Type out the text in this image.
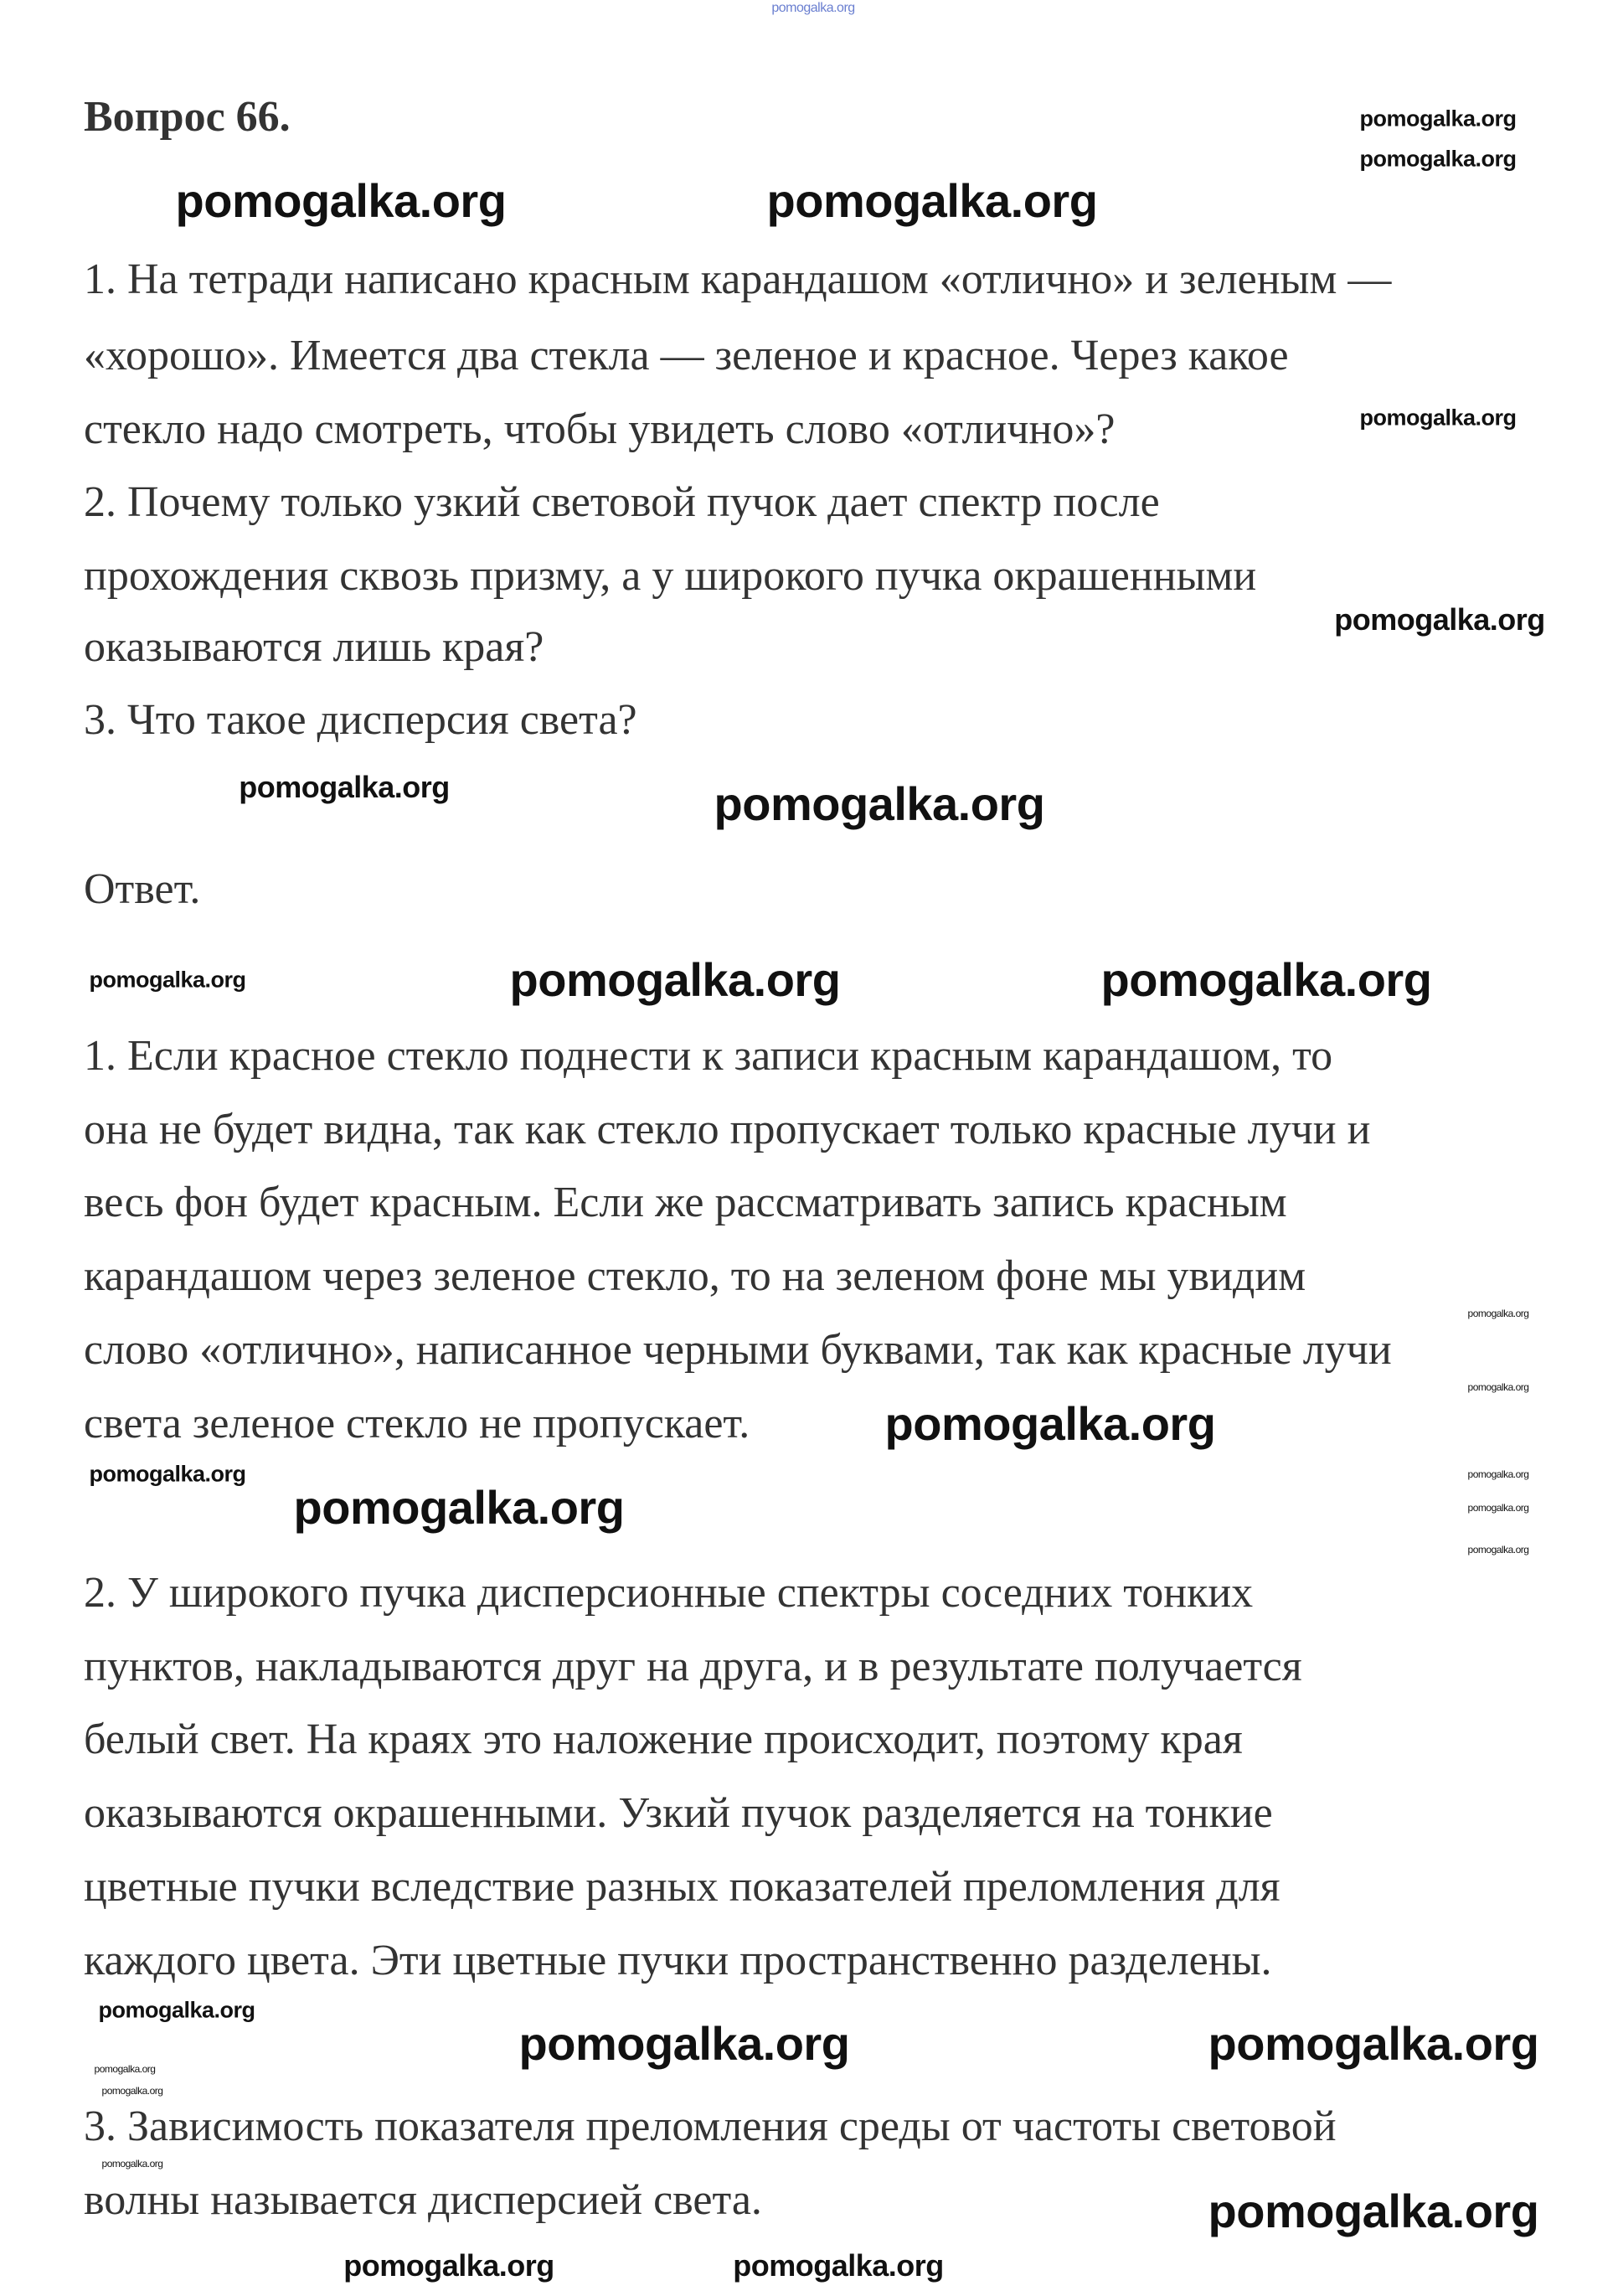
Вопрос 66.
1. На тетради написано красным карандашом «отлично» и зеленым —
«хорошо». Имеется два стекла — зеленое и красное. Через какое
стекло надо смотреть, чтобы увидеть слово «отлично»?
2. Почему только узкий световой пучок дает спектр после
прохождения сквозь призму, а у широкого пучка окрашенными
оказываются лишь края?
3. Что такое дисперсия света?
Ответ.
1. Если красное стекло поднести к записи красным карандашом, то
она не будет видна, так как стекло пропускает только красные лучи и
весь фон будет красным. Если же рассматривать запись красным
карандашом через зеленое стекло, то на зеленом фоне мы увидим
слово «отлично», написанное черными буквами, так как красные лучи
света зеленое стекло не пропускает.
2. У широкого пучка дисперсионные спектры соседних тонких
пунктов, накладываются друг на друга, и в результате получается
белый свет. На краях это наложение происходит, поэтому края
оказываются окрашенными. Узкий пучок разделяется на тонкие
цветные пучки вследствие разных показателей преломления для
каждого цвета. Эти цветные пучки пространственно разделены.
3. Зависимость показателя преломления среды от частоты световой
волны называется дисперсией света.
pomogalka.org
pomogalka.org	pomogalka.org
pomogalka.org
pomogalka.org	pomogalka.org
pomogalka.org
pomogalka.org
pomogalka.org	pomogalka.org
pomogalka.org
pomogalka.org
pomogalka.org
pomogalka.org	pomogalka.org
pomogalka.org
pomogalka.org
pomogalka.org
pomogalka.org
pomogalka.org
pomogalka.org
pomogalka.org
pomogalka.org
pomogalka.org
pomogalka.org
pomogalka.org
pomogalka.org
pomogalka.org
pomogalka.org
